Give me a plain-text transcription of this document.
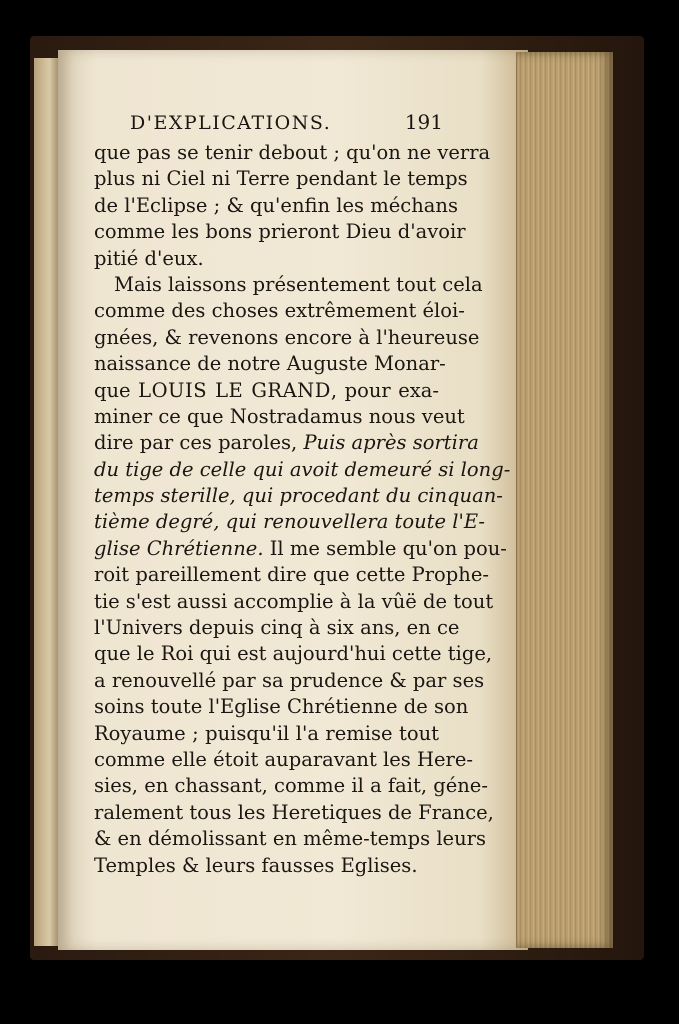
D'EXPLICATIONS.	191
que pas se tenir debout ; qu'on ne verra
plus ni Ciel ni Terre pendant le temps
de l'Eclipse ; & qu'enfin les méchans
comme les bons prieront Dieu d'avoir
pitié d'eux.
Mais laissons présentement tout cela
comme des choses extrêmement éloi-
gnées, & revenons encore à l'heureuse
naissance de notre Auguste Monar-
que LOUIS LE GRAND, pour exa-
miner ce que Nostradamus nous veut
dire par ces paroles, Puis après sortira
du tige de celle qui avoit demeuré si long-
temps sterille, qui procedant du cinquan-
tième degré, qui renouvellera toute l'E-
glise Chrétienne. Il me semble qu'on pou-
roit pareillement dire que cette Prophe-
tie s'est aussi accomplie à la vûë de tout
l'Univers depuis cinq à six ans, en ce
que le Roi qui est aujourd'hui cette tige,
a renouvellé par sa prudence & par ses
soins toute l'Eglise Chrétienne de son
Royaume ; puisqu'il l'a remise tout
comme elle étoit auparavant les Here-
sies, en chassant, comme il a fait, géne-
ralement tous les Heretiques de France,
& en démolissant en même-temps leurs
Temples & leurs fausses Eglises.
